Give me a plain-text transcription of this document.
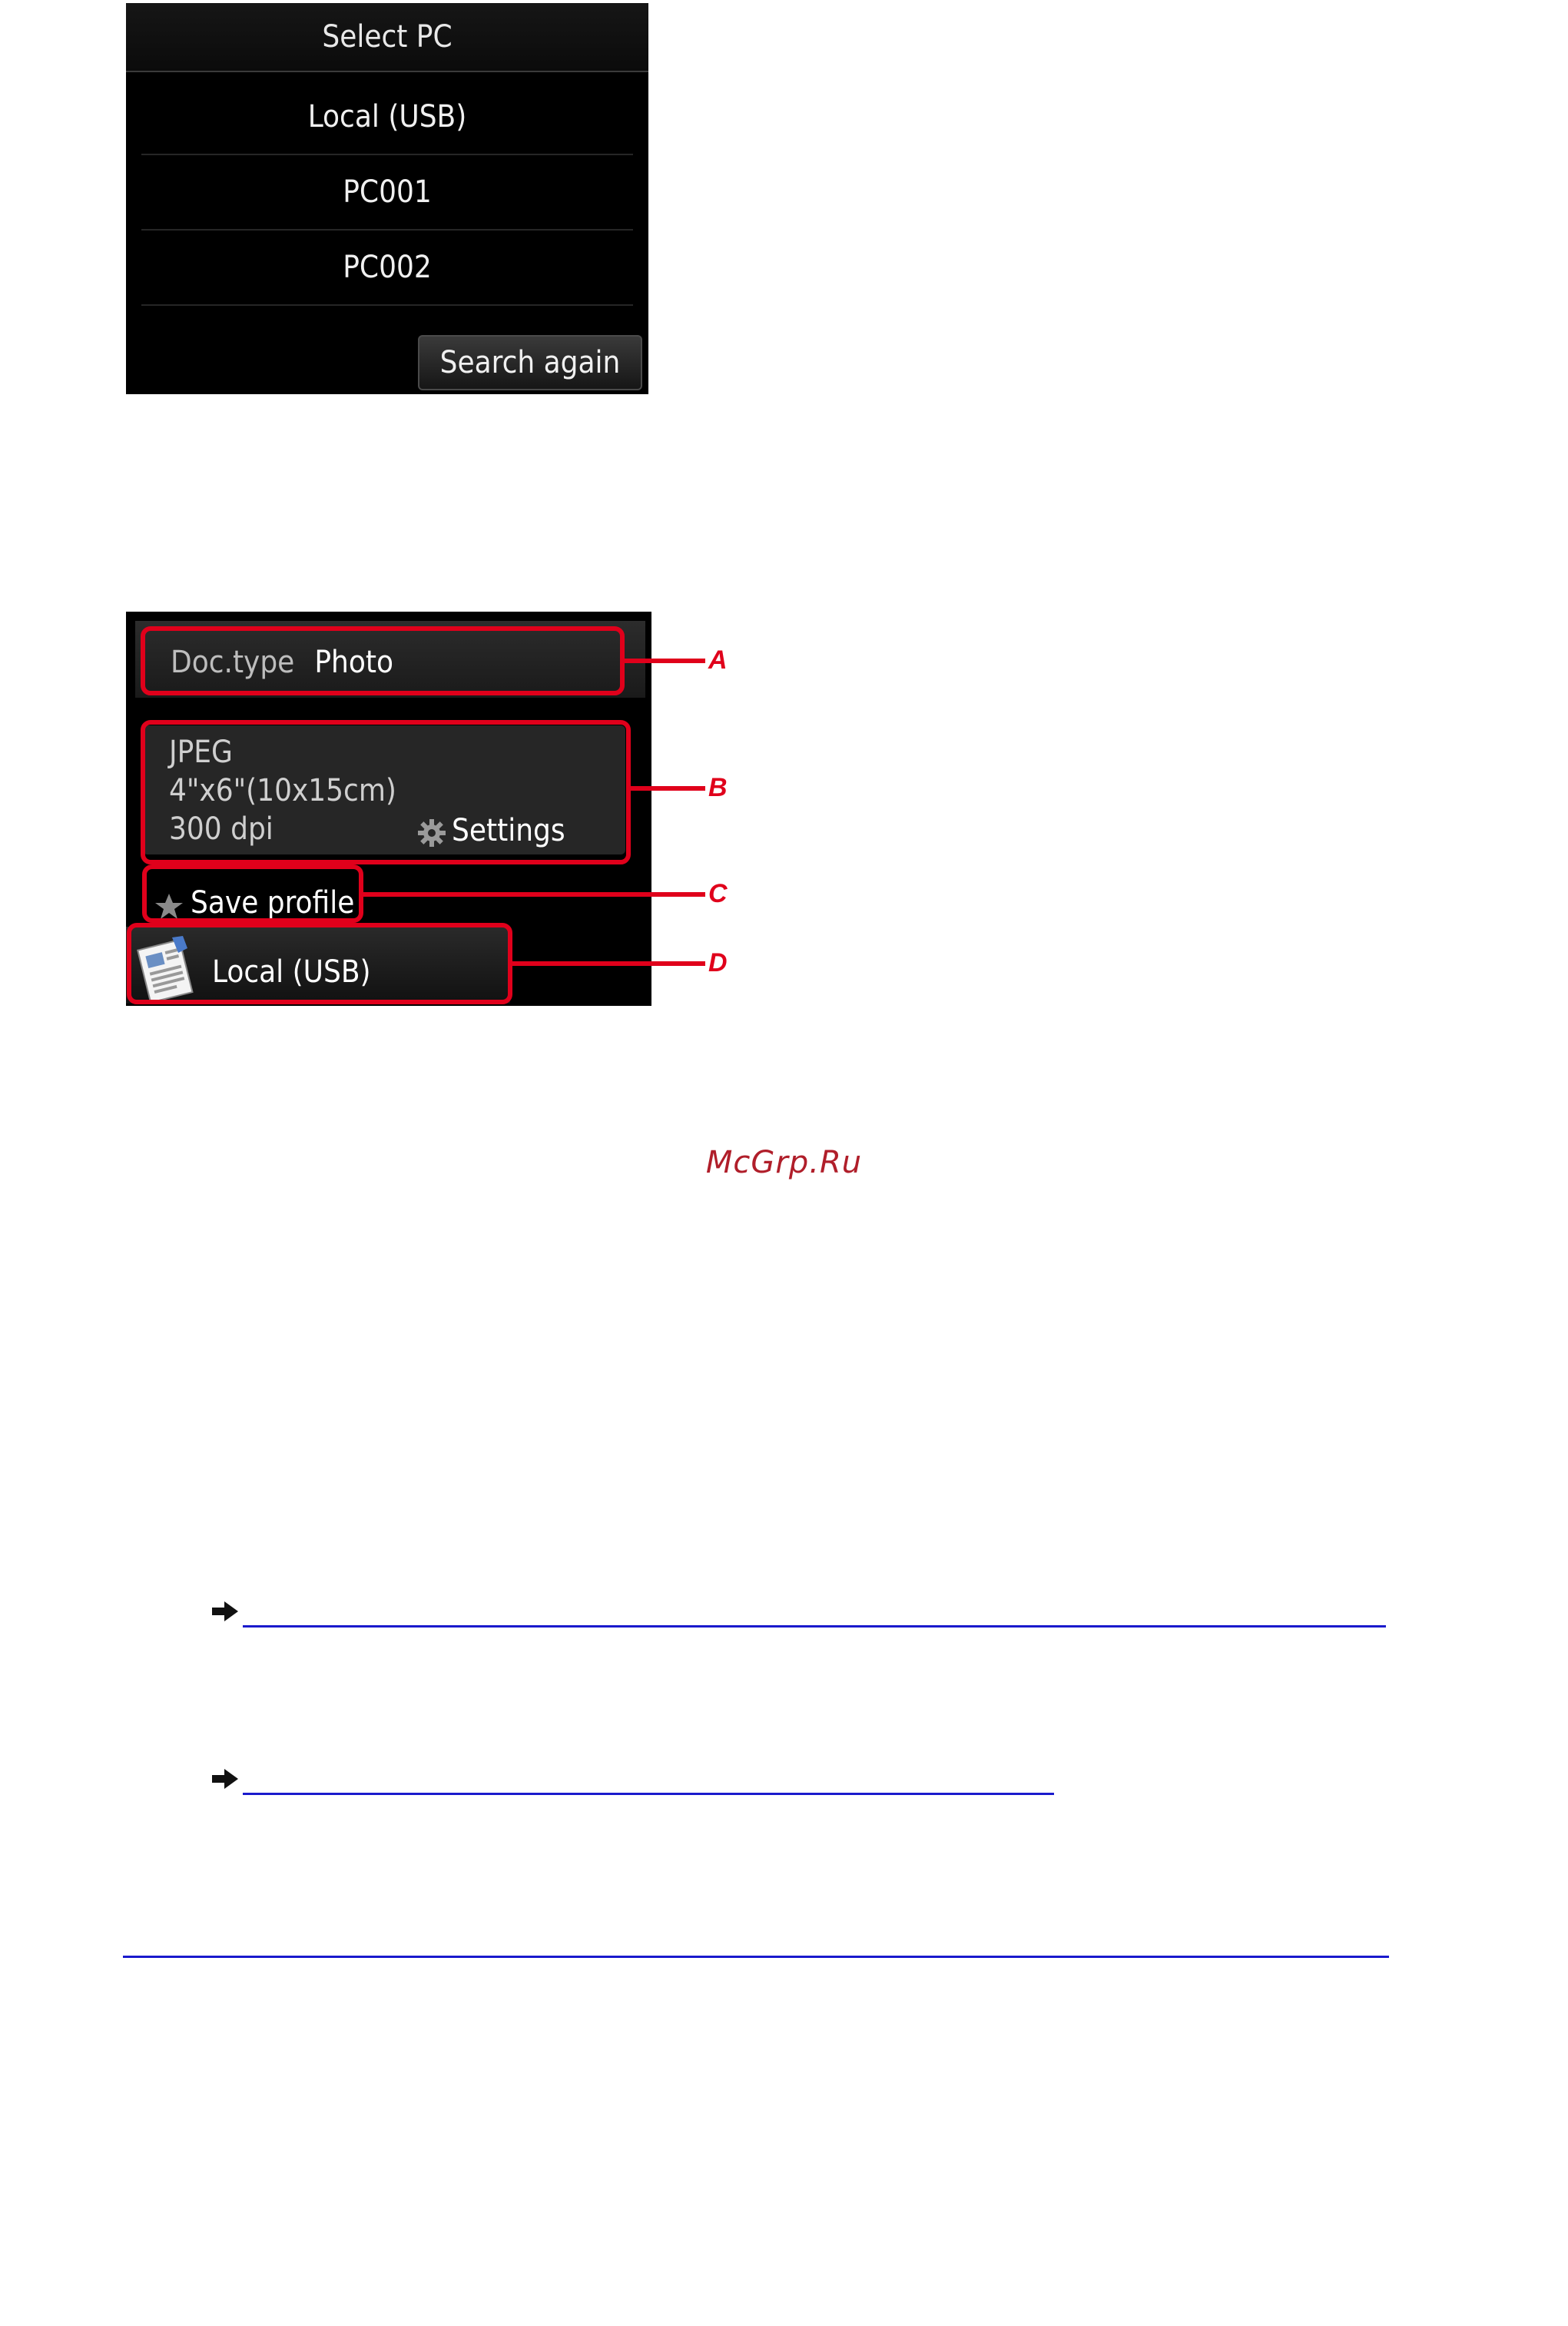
Select PC
Local (USB)
PC001
PC002
Search again
Doc.type Photo
JPEG
4"x6"(10x15cm)
300 dpi	Settings
Save profile
Local (USB)
A
B
C
D
McGrp.Ru
